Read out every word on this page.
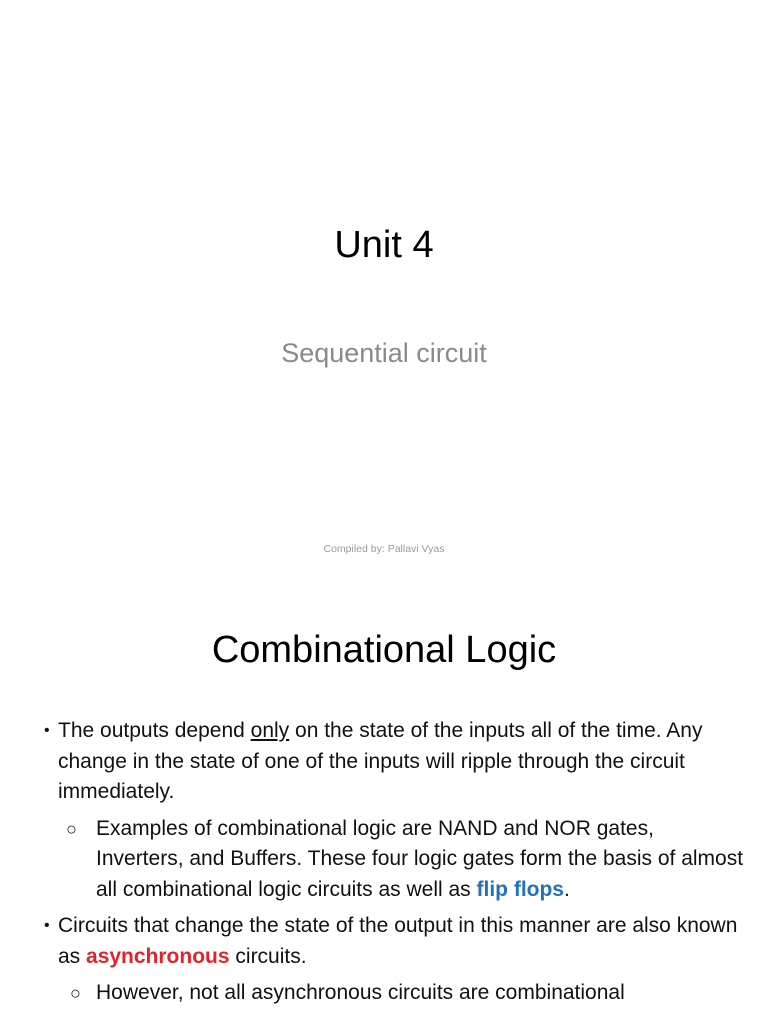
Unit 4
Sequential circuit
Compiled by: Pallavi Vyas
Combinational Logic
• The outputs depend only on the state of the inputs all of the time. Any change in the state of one of the inputs will ripple through the circuit immediately.
○ Examples of combinational logic are NAND and NOR gates, Inverters, and Buffers. These four logic gates form the basis of almost all combinational logic circuits as well as flip flops.
• Circuits that change the state of the output in this manner are also known as asynchronous circuits.
○ However, not all asynchronous circuits are combinational
